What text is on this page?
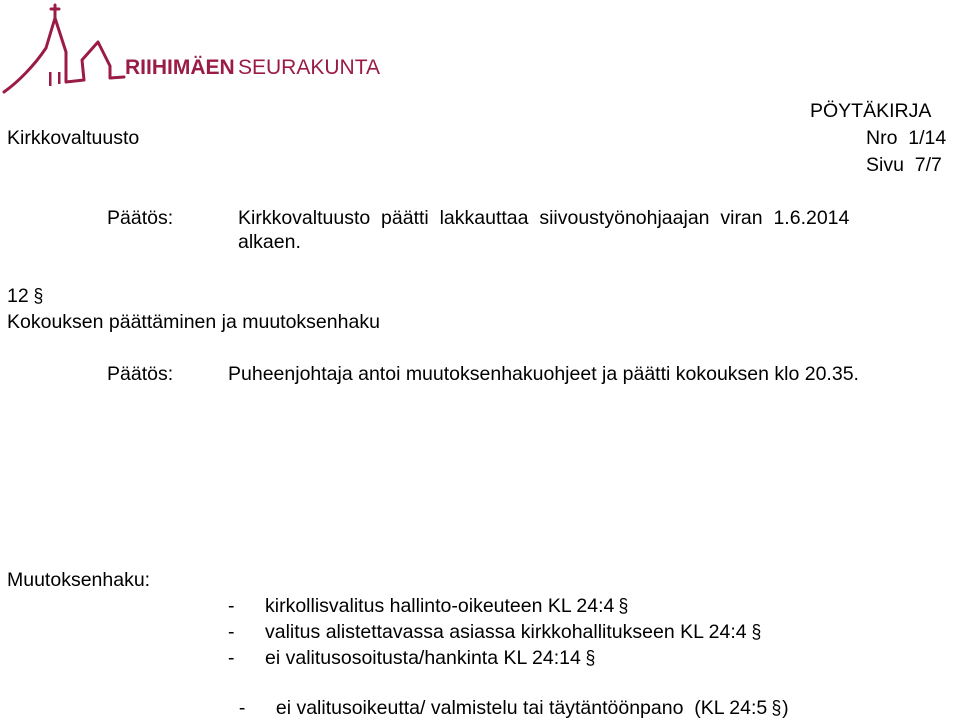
RIIHIMÄEN SEURAKUNTA
PÖYTÄKIRJA
Kirkkovaltuusto	Nro  1/14
Sivu  7/7
Päätös:	Kirkkovaltuusto  päätti  lakkauttaa  siivoustyönohjaajan  viran  1.6.2014
alkaen.
12 §
Kokouksen päättäminen ja muutoksenhaku
Päätös:	Puheenjohtaja antoi muutoksenhakuohjeet ja päätti kokouksen klo 20.35.
Muutoksenhaku:
- kirkollisvalitus hallinto-oikeuteen KL 24:4 §
- valitus alistettavassa asiassa kirkkohallitukseen KL 24:4 §
- ei valitusosoitusta/hankinta KL 24:14 §

- ei valitusoikeutta/ valmistelu tai täytäntöönpano  (KL 24:5 §)
